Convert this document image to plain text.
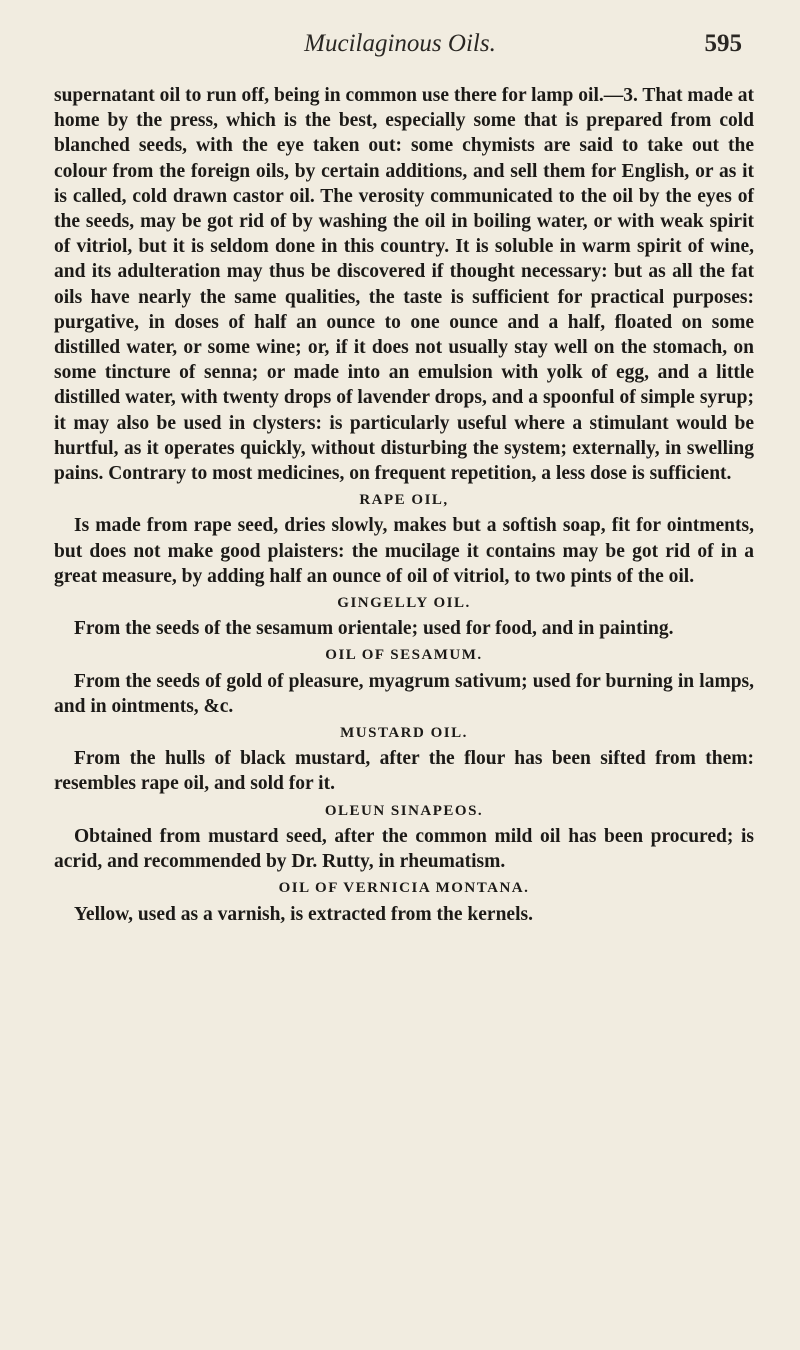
Mucilaginous Oils.	595

supernatant oil to run off, being in common use there for lamp oil.—3. That made at home by the press, which is the best, especially some that is prepared from cold blanched seeds, with the eye taken out: some chymists are said to take out the colour from the foreign oils, by certain additions, and sell them for English, or as it is called, cold drawn castor oil. The verosity communicated to the oil by the eyes of the seeds, may be got rid of by washing the oil in boiling water, or with weak spirit of vitriol, but it is seldom done in this country. It is soluble in warm spirit of wine, and its adulteration may thus be discovered if thought necessary: but as all the fat oils have nearly the same qualities, the taste is sufficient for practical purposes: purgative, in doses of half an ounce to one ounce and a half, floated on some distilled water, or some wine; or, if it does not usually stay well on the stomach, on some tincture of senna; or made into an emulsion with yolk of egg, and a little distilled water, with twenty drops of lavender drops, and a spoonful of simple syrup; it may also be used in clysters: is particularly useful where a stimulant would be hurtful, as it operates quickly, without disturbing the system; externally, in swelling pains. Contrary to most medicines, on frequent repetition, a less dose is sufficient.

RAPE OIL,

Is made from rape seed, dries slowly, makes but a softish soap, fit for ointments, but does not make good plaisters: the mucilage it contains may be got rid of in a great measure, by adding half an ounce of oil of vitriol, to two pints of the oil.

GINGELLY OIL.

From the seeds of the sesamum orientale; used for food, and in painting.

OIL OF SESAMUM.

From the seeds of gold of pleasure, myagrum sativum; used for burning in lamps, and in ointments, &c.

MUSTARD OIL.

From the hulls of black mustard, after the flour has been sifted from them: resembles rape oil, and sold for it.

OLEUN SINAPEOS.

Obtained from mustard seed, after the common mild oil has been procured; is acrid, and recommended by Dr. Rutty, in rheumatism.

OIL OF VERNICIA MONTANA.

Yellow, used as a varnish, is extracted from the kernels.
